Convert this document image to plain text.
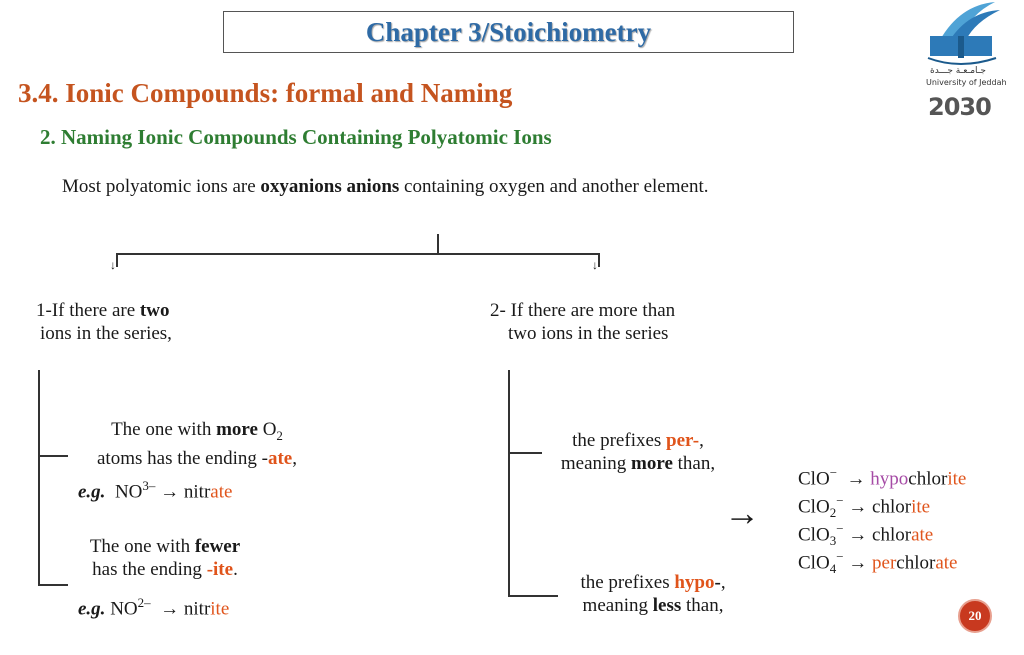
Chapter 3/Stoichiometry
جـامـعـة جـــدة
University of Jeddah
2030
3.4. Ionic Compounds: formal and Naming
2. Naming Ionic Compounds Containing Polyatomic Ions
Most polyatomic ions are oxyanions anions containing oxygen and another element.
↓	↓
1-If there are two
ions in the series,
2- If there are more than
two ions in the series
The one with more $O_2$
atoms has the ending -ate,
e.g. $NO^{3-}$ → nitrate
The one with fewer
has the ending -ite.
e.g. $NO^{2-}$ → nitrite
the prefixes per-,
meaning more than,
the prefixes hypo-,
meaning less than,
→
ClO− → hypochlorite
ClO$_2$− → chlorite
ClO$_3$− → chlorate
ClO$_4$− → perchlorate
20
